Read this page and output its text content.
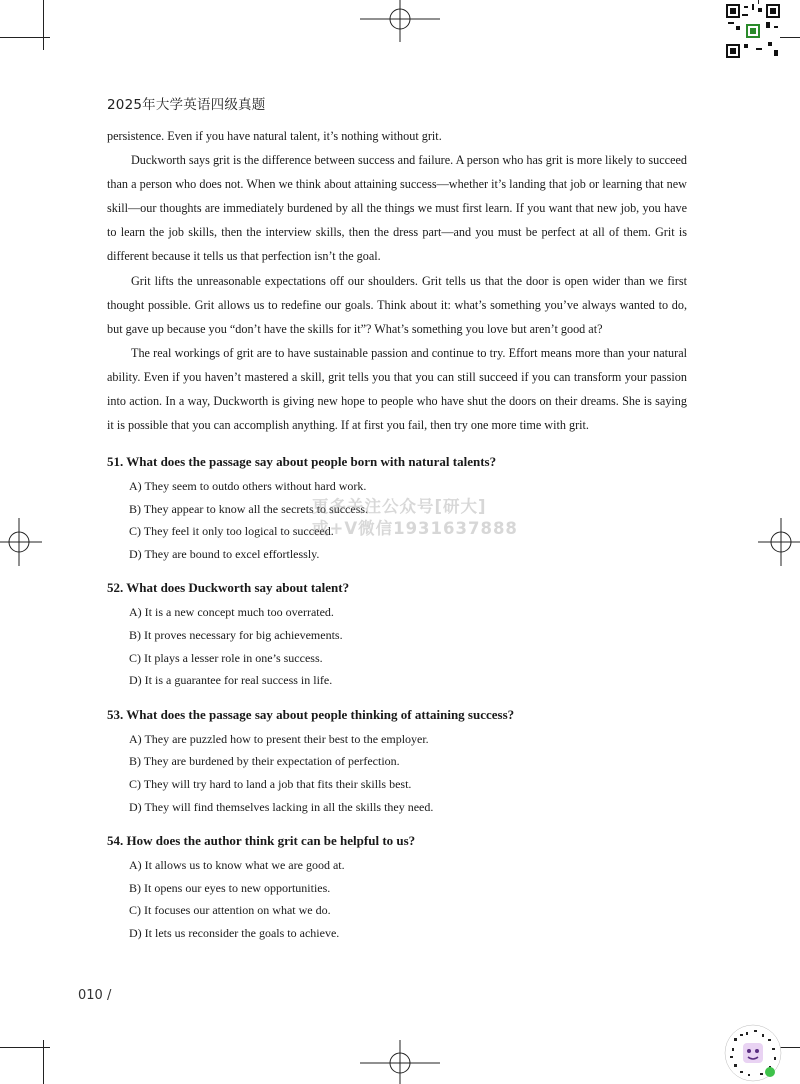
2025年大学英语四级真题

persistence. Even if you have natural talent, it’s nothing without grit.

Duckworth says grit is the difference between success and failure. A person who has grit is more likely to succeed than a person who does not. When we think about attaining success—whether it’s landing that job or learning that new skill—our thoughts are immediately burdened by all the things we must first learn. If you want that new job, you have to learn the job skills, then the interview skills, then the dress part—and you must be perfect at all of them. Grit is different because it tells us that perfection isn’t the goal.

Grit lifts the unreasonable expectations off our shoulders. Grit tells us that the door is open wider than we first thought possible. Grit allows us to redefine our goals. Think about it: what’s something you’ve always wanted to do, but gave up because you “don’t have the skills for it”? What’s something you love but aren’t good at?

The real workings of grit are to have sustainable passion and continue to try. Effort means more than your natural ability. Even if you haven’t mastered a skill, grit tells you that you can still succeed if you can transform your passion into action. In a way, Duckworth is giving new hope to people who have shut the doors on their dreams. She is saying it is possible that you can accomplish anything. If at first you fail, then try one more time with grit.

51. What does the passage say about people born with natural talents?

A) They seem to outdo others without hard work.

B) They appear to know all the secrets to success.

C) They feel it only too logical to succeed.

D) They are bound to excel effortlessly.

52. What does Duckworth say about talent?

A) It is a new concept much too overrated.

B) It proves necessary for big achievements.

C) It plays a lesser role in one’s success.

D) It is a guarantee for real success in life.

53. What does the passage say about people thinking of attaining success?

A) They are puzzled how to present their best to the employer.

B) They are burdened by their expectation of perfection.

C) They will try hard to land a job that fits their skills best.

D) They will find themselves lacking in all the skills they need.

54. How does the author think grit can be helpful to us?

A) It allows us to know what we are good at.

B) It opens our eyes to new opportunities.

C) It focuses our attention on what we do.

D) It lets us reconsider the goals to achieve.

更多关注公众号[研大]
或+V微信1931637888
010 /
